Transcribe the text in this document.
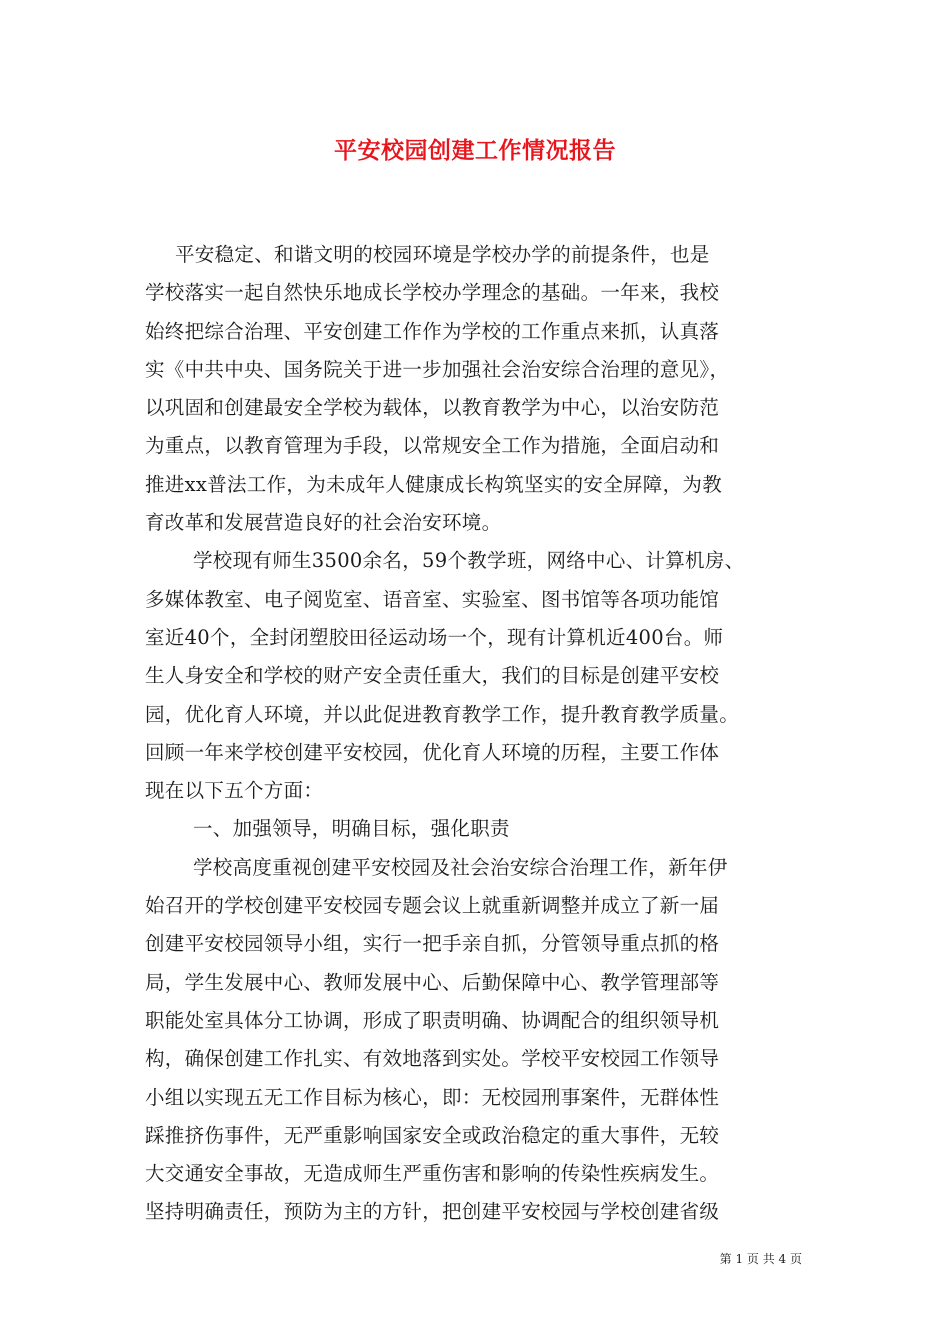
平安校园创建工作情况报告
平安稳定、和谐文明的校园环境是学校办学的前提条件，也是
学校落实一起自然快乐地成长学校办学理念的基础。一年来，我校
始终把综合治理、平安创建工作作为学校的工作重点来抓，认真落
实《中共中央、国务院关于进一步加强社会治安综合治理的意见》，
以巩固和创建最安全学校为载体，以教育教学为中心，以治安防范
为重点，以教育管理为手段，以常规安全工作为措施，全面启动和
推进xx普法工作，为未成年人健康成长构筑坚实的安全屏障，为教
育改革和发展营造良好的社会治安环境。
学校现有师生3500余名，59个教学班，网络中心、计算机房、
多媒体教室、电子阅览室、语音室、实验室、图书馆等各项功能馆
室近40个，全封闭塑胶田径运动场一个，现有计算机近400台。师
生人身安全和学校的财产安全责任重大，我们的目标是创建平安校
园，优化育人环境，并以此促进教育教学工作，提升教育教学质量。
回顾一年来学校创建平安校园，优化育人环境的历程，主要工作体
现在以下五个方面：
一、加强领导，明确目标，强化职责
学校高度重视创建平安校园及社会治安综合治理工作，新年伊
始召开的学校创建平安校园专题会议上就重新调整并成立了新一届
创建平安校园领导小组，实行一把手亲自抓，分管领导重点抓的格
局，学生发展中心、教师发展中心、后勤保障中心、教学管理部等
职能处室具体分工协调，形成了职责明确、协调配合的组织领导机
构，确保创建工作扎实、有效地落到实处。学校平安校园工作领导
小组以实现五无工作目标为核心，即：无校园刑事案件，无群体性
踩推挤伤事件，无严重影响国家安全或政治稳定的重大事件，无较
大交通安全事故，无造成师生严重伤害和影响的传染性疾病发生。
坚持明确责任，预防为主的方针，把创建平安校园与学校创建省级
第 1 页 共 4 页
